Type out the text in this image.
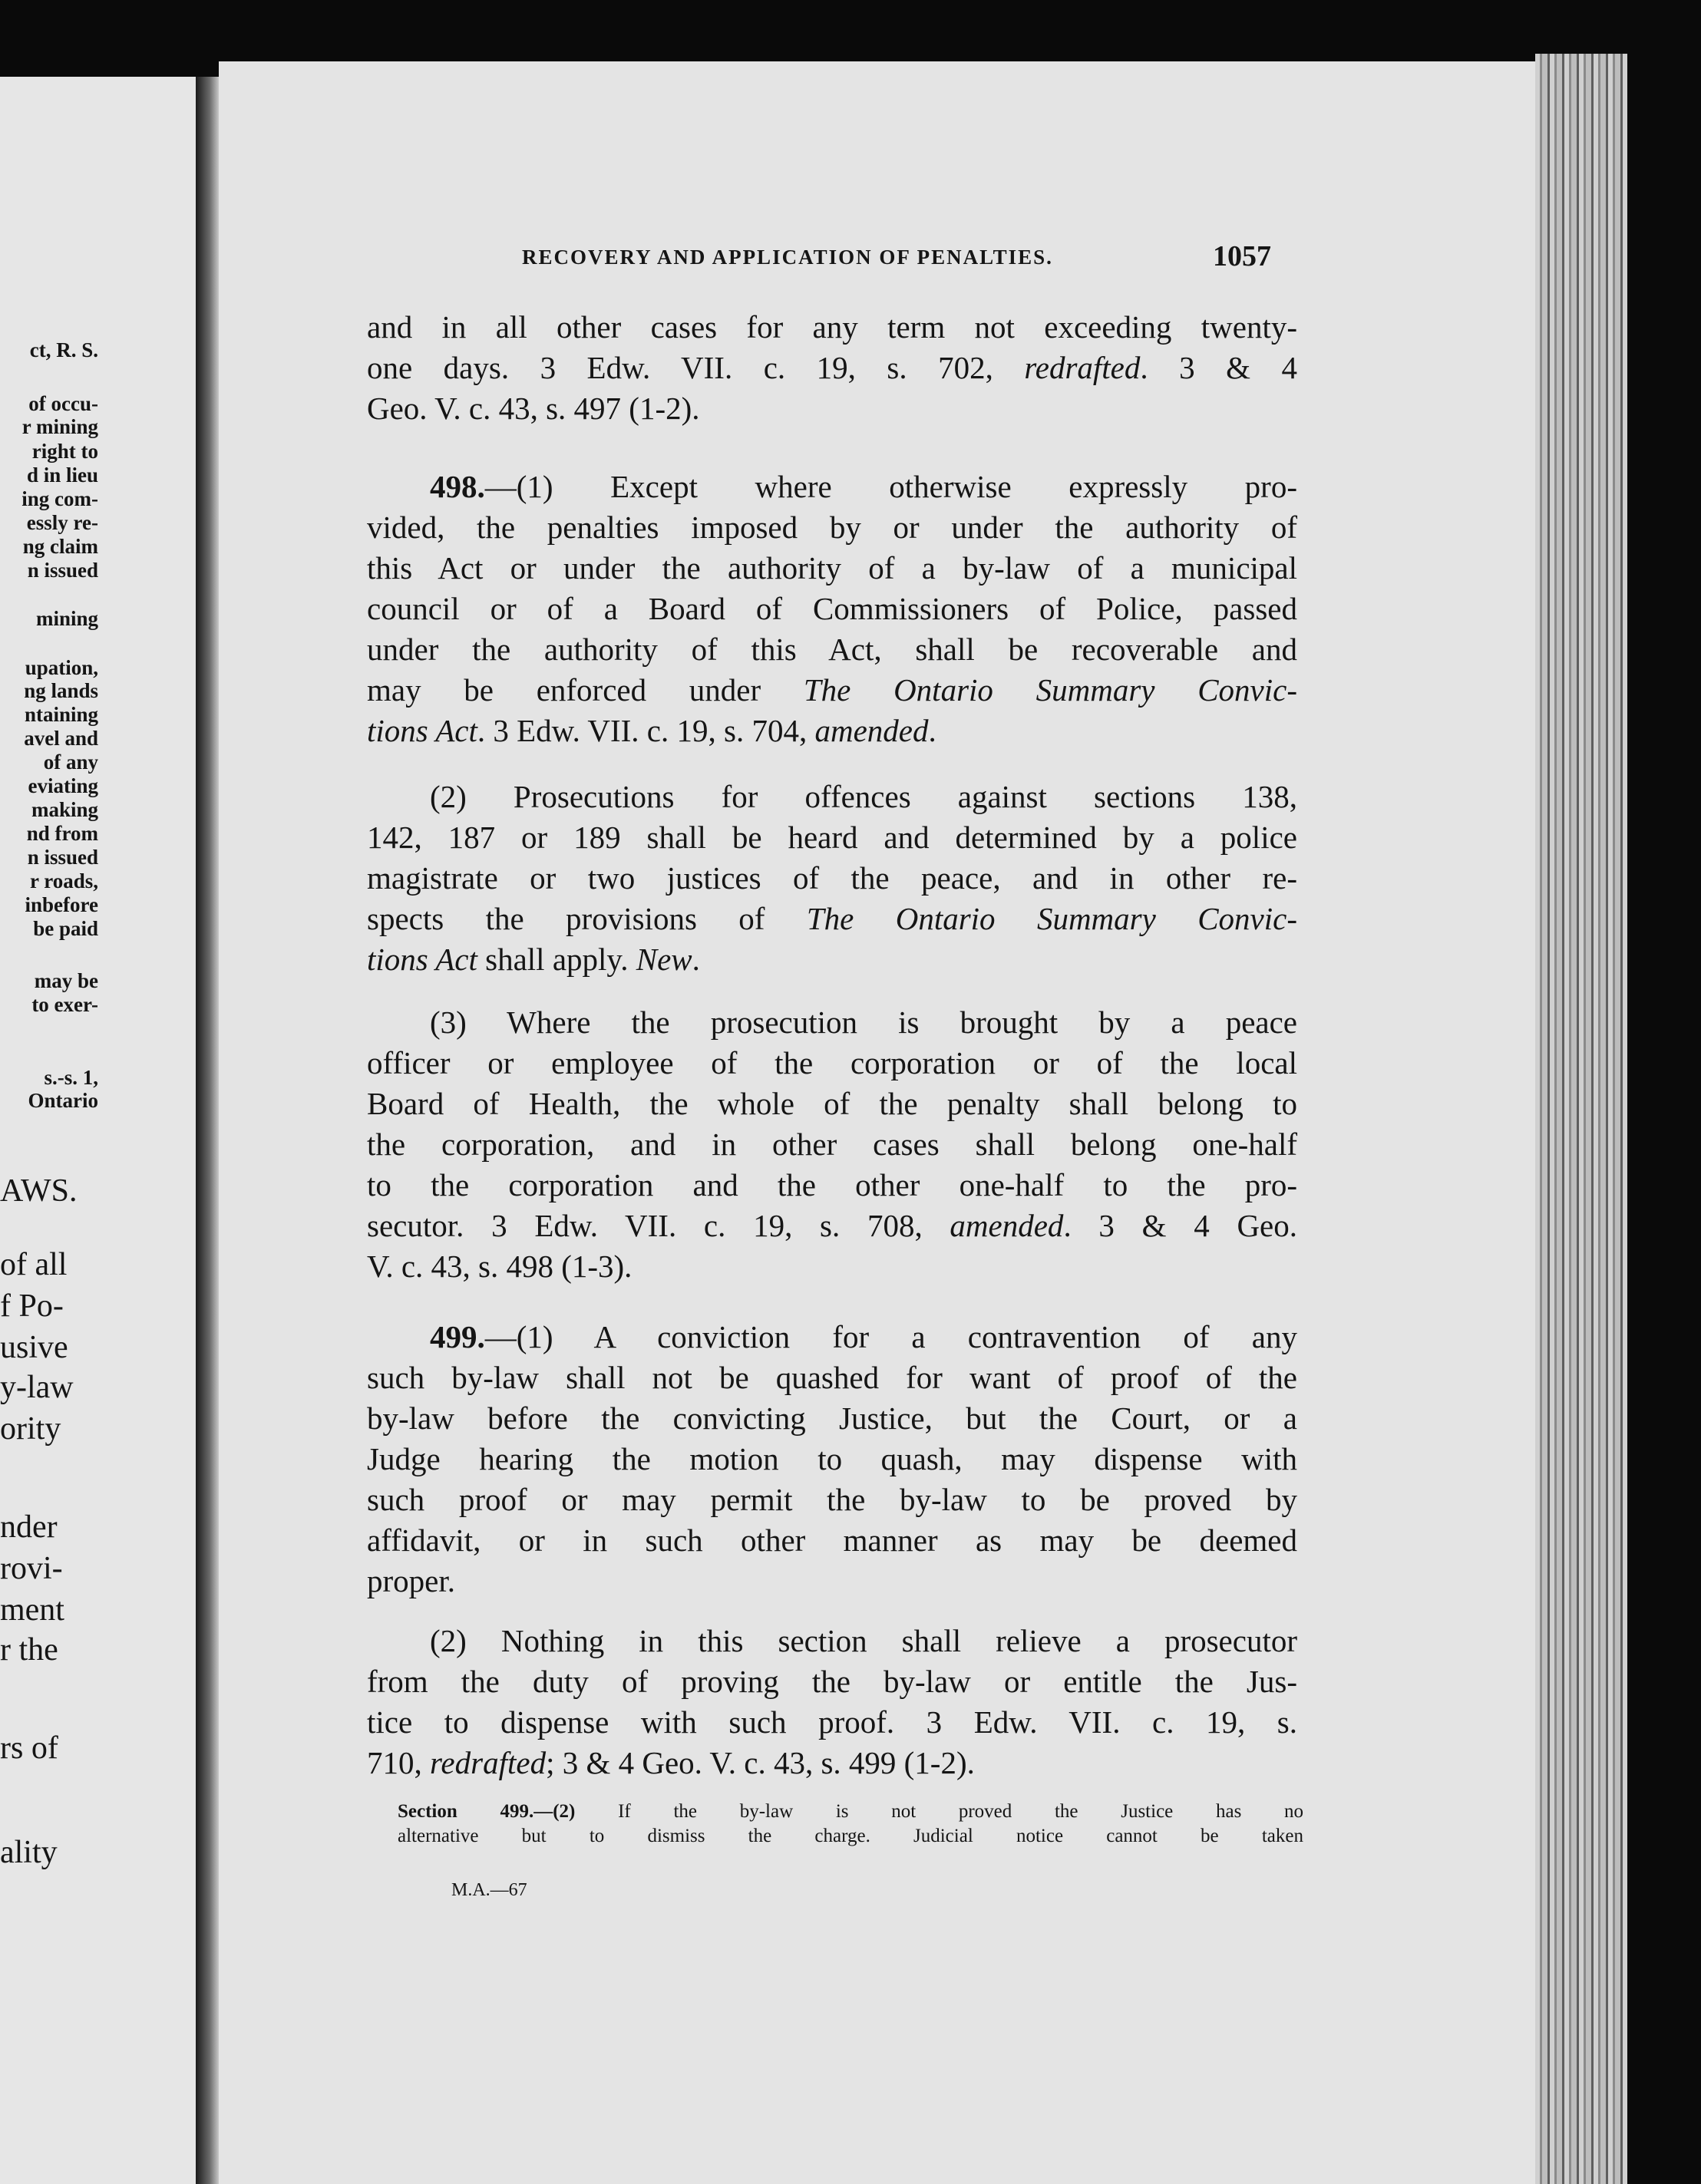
ct, R. S.
of occu-
r mining
right to
d in lieu
ing com-
essly re-
ng claim
n issued
mining
upation,
ng lands
ntaining
avel and
of any
eviating
making
nd from
n issued
r roads,
inbefore
be paid
may be
to exer-
s.-s. 1,
Ontario
AWS.
of all
f Po-
usive
y-law
ority
nder
rovi-
ment
r the
rs of
ality
RECOVERY AND APPLICATION OF PENALTIES.	1057
and in all other cases for any term not exceeding twenty-
one days. 3 Edw. VII. c. 19, s. 702, redrafted. 3 & 4
Geo. V. c. 43, s. 497 (1-2).
498.—(1) Except where otherwise expressly pro-
vided, the penalties imposed by or under the authority of
this Act or under the authority of a by-law of a municipal
council or of a Board of Commissioners of Police, passed
under the authority of this Act, shall be recoverable and
may be enforced under The Ontario Summary Convic-
tions Act. 3 Edw. VII. c. 19, s. 704, amended.
(2) Prosecutions for offences against sections 138,
142, 187 or 189 shall be heard and determined by a police
magistrate or two justices of the peace, and in other re-
spects the provisions of The Ontario Summary Convic-
tions Act shall apply. New.
(3) Where the prosecution is brought by a peace
officer or employee of the corporation or of the local
Board of Health, the whole of the penalty shall belong to
the corporation, and in other cases shall belong one-half
to the corporation and the other one-half to the pro-
secutor. 3 Edw. VII. c. 19, s. 708, amended. 3 & 4 Geo.
V. c. 43, s. 498 (1-3).
499.—(1) A conviction for a contravention of any
such by-law shall not be quashed for want of proof of the
by-law before the convicting Justice, but the Court, or a
Judge hearing the motion to quash, may dispense with
such proof or may permit the by-law to be proved by
affidavit, or in such other manner as may be deemed
proper.
(2) Nothing in this section shall relieve a prosecutor
from the duty of proving the by-law or entitle the Jus-
tice to dispense with such proof. 3 Edw. VII. c. 19, s.
710, redrafted; 3 & 4 Geo. V. c. 43, s. 499 (1-2).
Section 499.—(2) If the by-law is not proved the Justice has no
alternative but to dismiss the charge. Judicial notice cannot be taken
M.A.—67
